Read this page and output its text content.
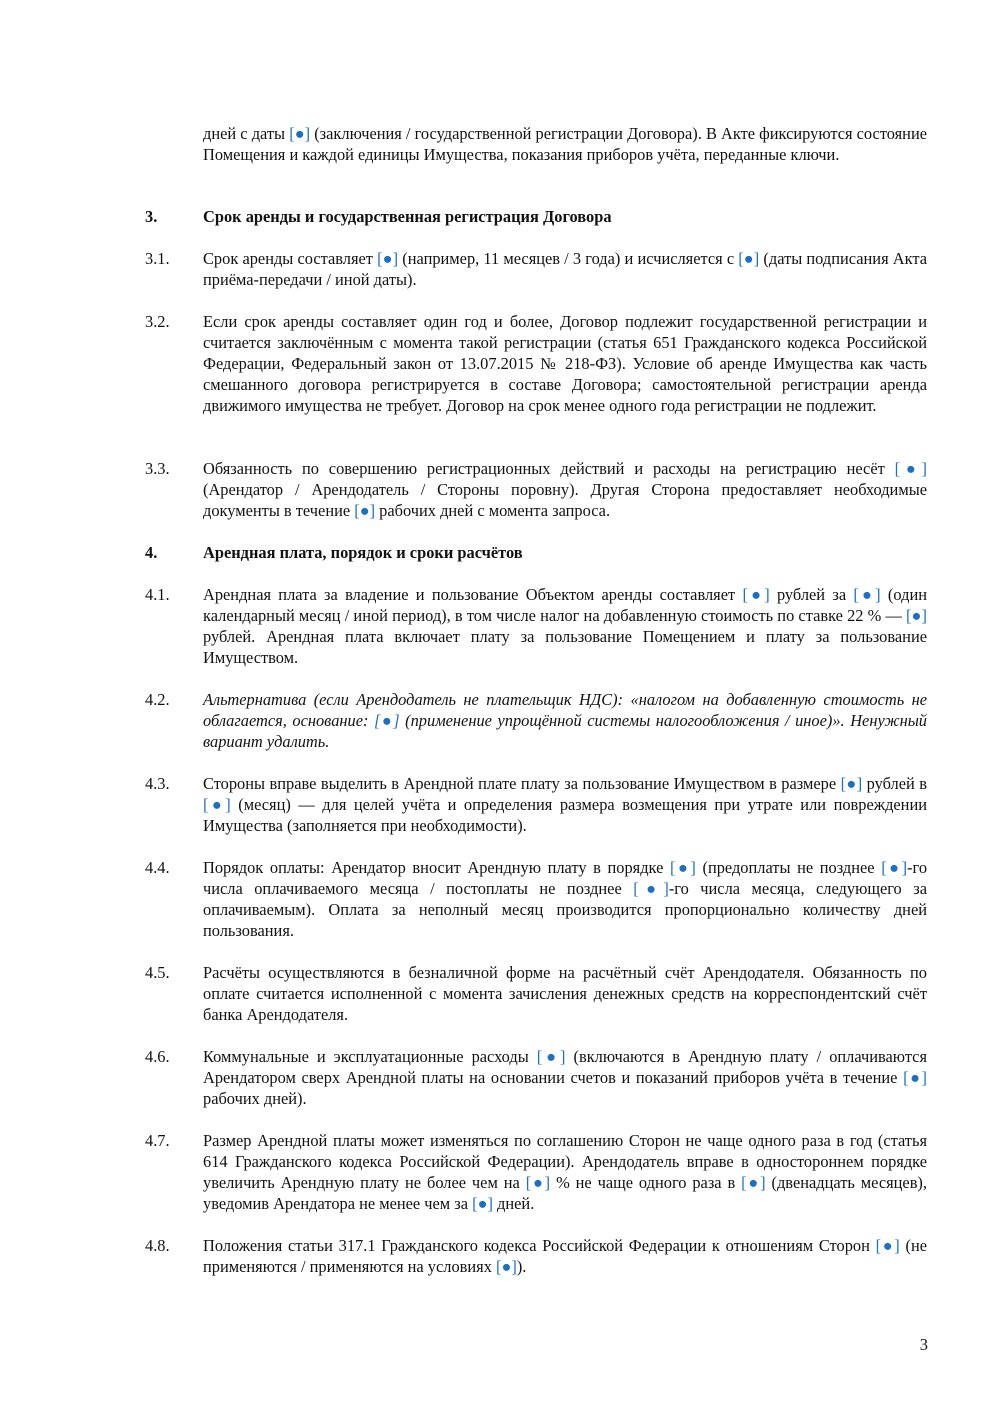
дней с даты [●] (заключения / государственной регистрации Договора). В Акте фиксируются состояние Помещения и каждой единицы Имущества, показания приборов учёта, переданные ключи.
3.	Срок аренды и государственная регистрация Договора
3.1. Срок аренды составляет [●] (например, 11 месяцев / 3 года) и исчисляется с [●] (даты подписания Акта приёма-передачи / иной даты).
3.2. Если срок аренды составляет один год и более, Договор подлежит государственной регистрации и считается заключённым с момента такой регистрации (статья 651 Гражданского кодекса Российской Федерации, Федеральный закон от 13.07.2015 № 218-ФЗ). Условие об аренде Имущества как часть смешанного договора регистрируется в составе Договора; самостоятельной регистрации аренда движимого имущества не требует. Договор на срок менее одного года регистрации не подлежит.
3.3. Обязанность по совершению регистрационных действий и расходы на регистрацию несёт [●] (Арендатор / Арендодатель / Стороны поровну). Другая Сторона предоставляет необходимые документы в течение [●] рабочих дней с момента запроса.
4.	Арендная плата, порядок и сроки расчётов
4.1. Арендная плата за владение и пользование Объектом аренды составляет [●] рублей за [●] (один календарный месяц / иной период), в том числе налог на добавленную стоимость по ставке 22 % — [●] рублей. Арендная плата включает плату за пользование Помещением и плату за пользование Имуществом.
4.2. Альтернатива (если Арендодатель не плательщик НДС): «налогом на добавленную стоимость не облагается, основание: [●] (применение упрощённой системы налогообложения / иное)». Ненужный вариант удалить.
4.3. Стороны вправе выделить в Арендной плате плату за пользование Имуществом в размере [●] рублей в [●] (месяц) — для целей учёта и определения размера возмещения при утрате или повреждении Имущества (заполняется при необходимости).
4.4. Порядок оплаты: Арендатор вносит Арендную плату в порядке [●] (предоплаты не позднее [●]-го числа оплачиваемого месяца / постоплаты не позднее [●]-го числа месяца, следующего за оплачиваемым). Оплата за неполный месяц производится пропорционально количеству дней пользования.
4.5. Расчёты осуществляются в безналичной форме на расчётный счёт Арендодателя. Обязанность по оплате считается исполненной с момента зачисления денежных средств на корреспондентский счёт банка Арендодателя.
4.6. Коммунальные и эксплуатационные расходы [●] (включаются в Арендную плату / оплачиваются Арендатором сверх Арендной платы на основании счетов и показаний приборов учёта в течение [●] рабочих дней).
4.7. Размер Арендной платы может изменяться по соглашению Сторон не чаще одного раза в год (статья 614 Гражданского кодекса Российской Федерации). Арендодатель вправе в одностороннем порядке увеличить Арендную плату не более чем на [●] % не чаще одного раза в [●] (двенадцать месяцев), уведомив Арендатора не менее чем за [●] дней.
4.8. Положения статьи 317.1 Гражданского кодекса Российской Федерации к отношениям Сторон [●] (не применяются / применяются на условиях [●]).
3
